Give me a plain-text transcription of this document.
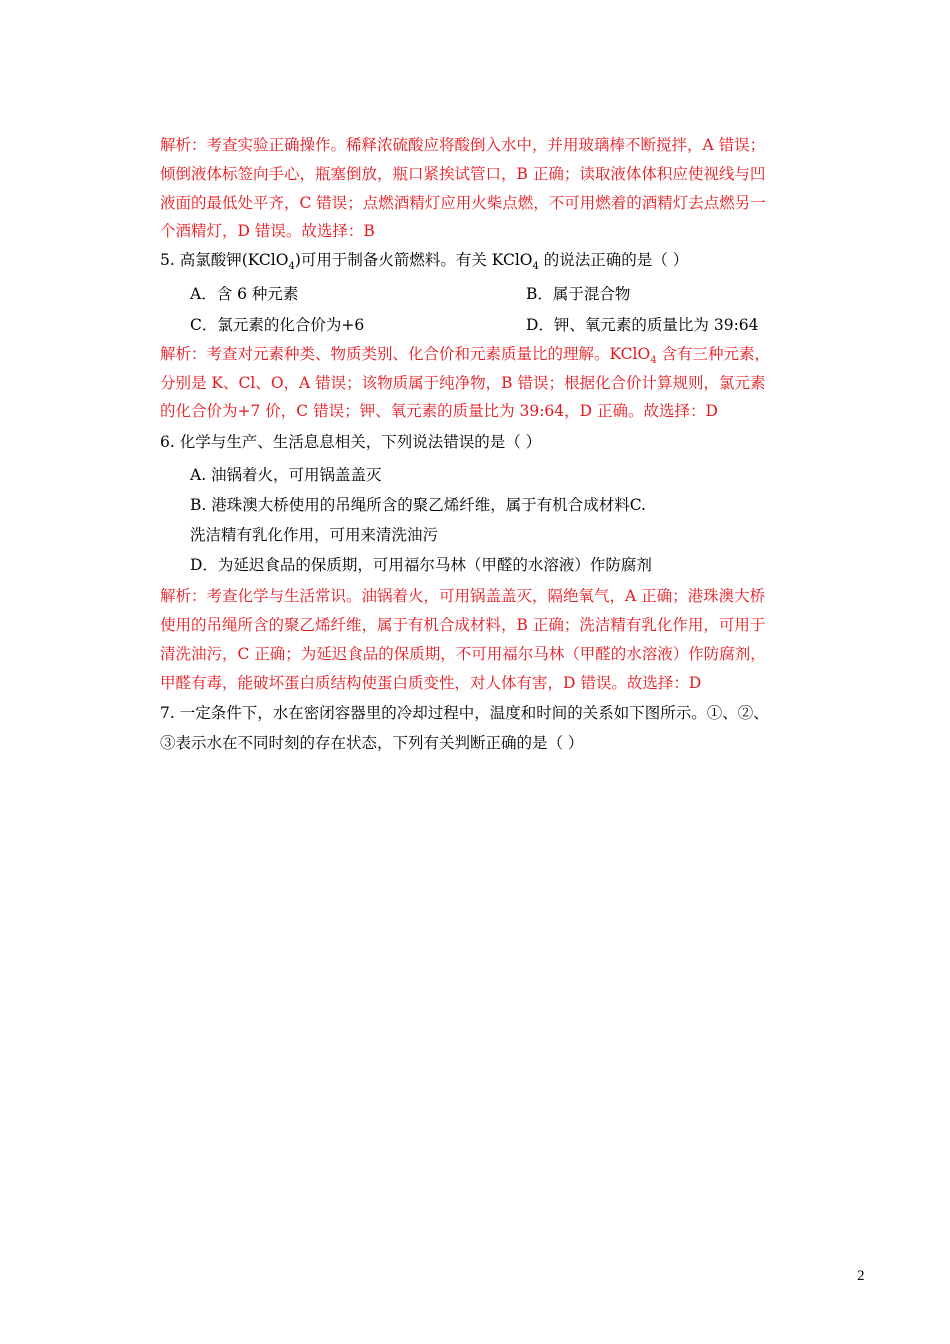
解析：考查实验正确操作。稀释浓硫酸应将酸倒入水中，并用玻璃棒不断搅拌，A 错误；
倾倒液体标签向手心，瓶塞倒放，瓶口紧挨试管口，B 正确；读取液体体积应使视线与凹
液面的最低处平齐，C 错误；点燃酒精灯应用火柴点燃，不可用燃着的酒精灯去点燃另一
个酒精灯，D 错误。故选择：B
5. 高氯酸钾(KClO$_4$)可用于制备火箭燃料。有关 KClO$_4$ 的说法正确的是（ ）
A．含 6 种元素	B．属于混合物
C．氯元素的化合价为+6	D．钾、氧元素的质量比为 39:64
解析：考查对元素种类、物质类别、化合价和元素质量比的理解。KClO$_4$ 含有三种元素，
分别是 K、Cl、O，A 错误；该物质属于纯净物，B 错误；根据化合价计算规则，氯元素
的化合价为+7 价，C 错误；钾、氧元素的质量比为 39:64，D 正确。故选择：D
6. 化学与生产、生活息息相关，下列说法错误的是（ ）
A. 油锅着火，可用锅盖盖灭
B. 港珠澳大桥使用的吊绳所含的聚乙烯纤维，属于有机合成材料C.
洗洁精有乳化作用，可用来清洗油污
D．为延迟食品的保质期，可用福尔马林（甲醛的水溶液）作防腐剂
解析：考查化学与生活常识。油锅着火，可用锅盖盖灭，隔绝氧气，A 正确；港珠澳大桥
使用的吊绳所含的聚乙烯纤维，属于有机合成材料，B 正确；洗洁精有乳化作用，可用于
清洗油污，C 正确；为延迟食品的保质期，不可用福尔马林（甲醛的水溶液）作防腐剂，
甲醛有毒，能破坏蛋白质结构使蛋白质变性，对人体有害，D 错误。故选择：D
7. 一定条件下，水在密闭容器里的冷却过程中，温度和时间的关系如下图所示。①、②、
③表示水在不同时刻的存在状态，下列有关判断正确的是（ ）
2
